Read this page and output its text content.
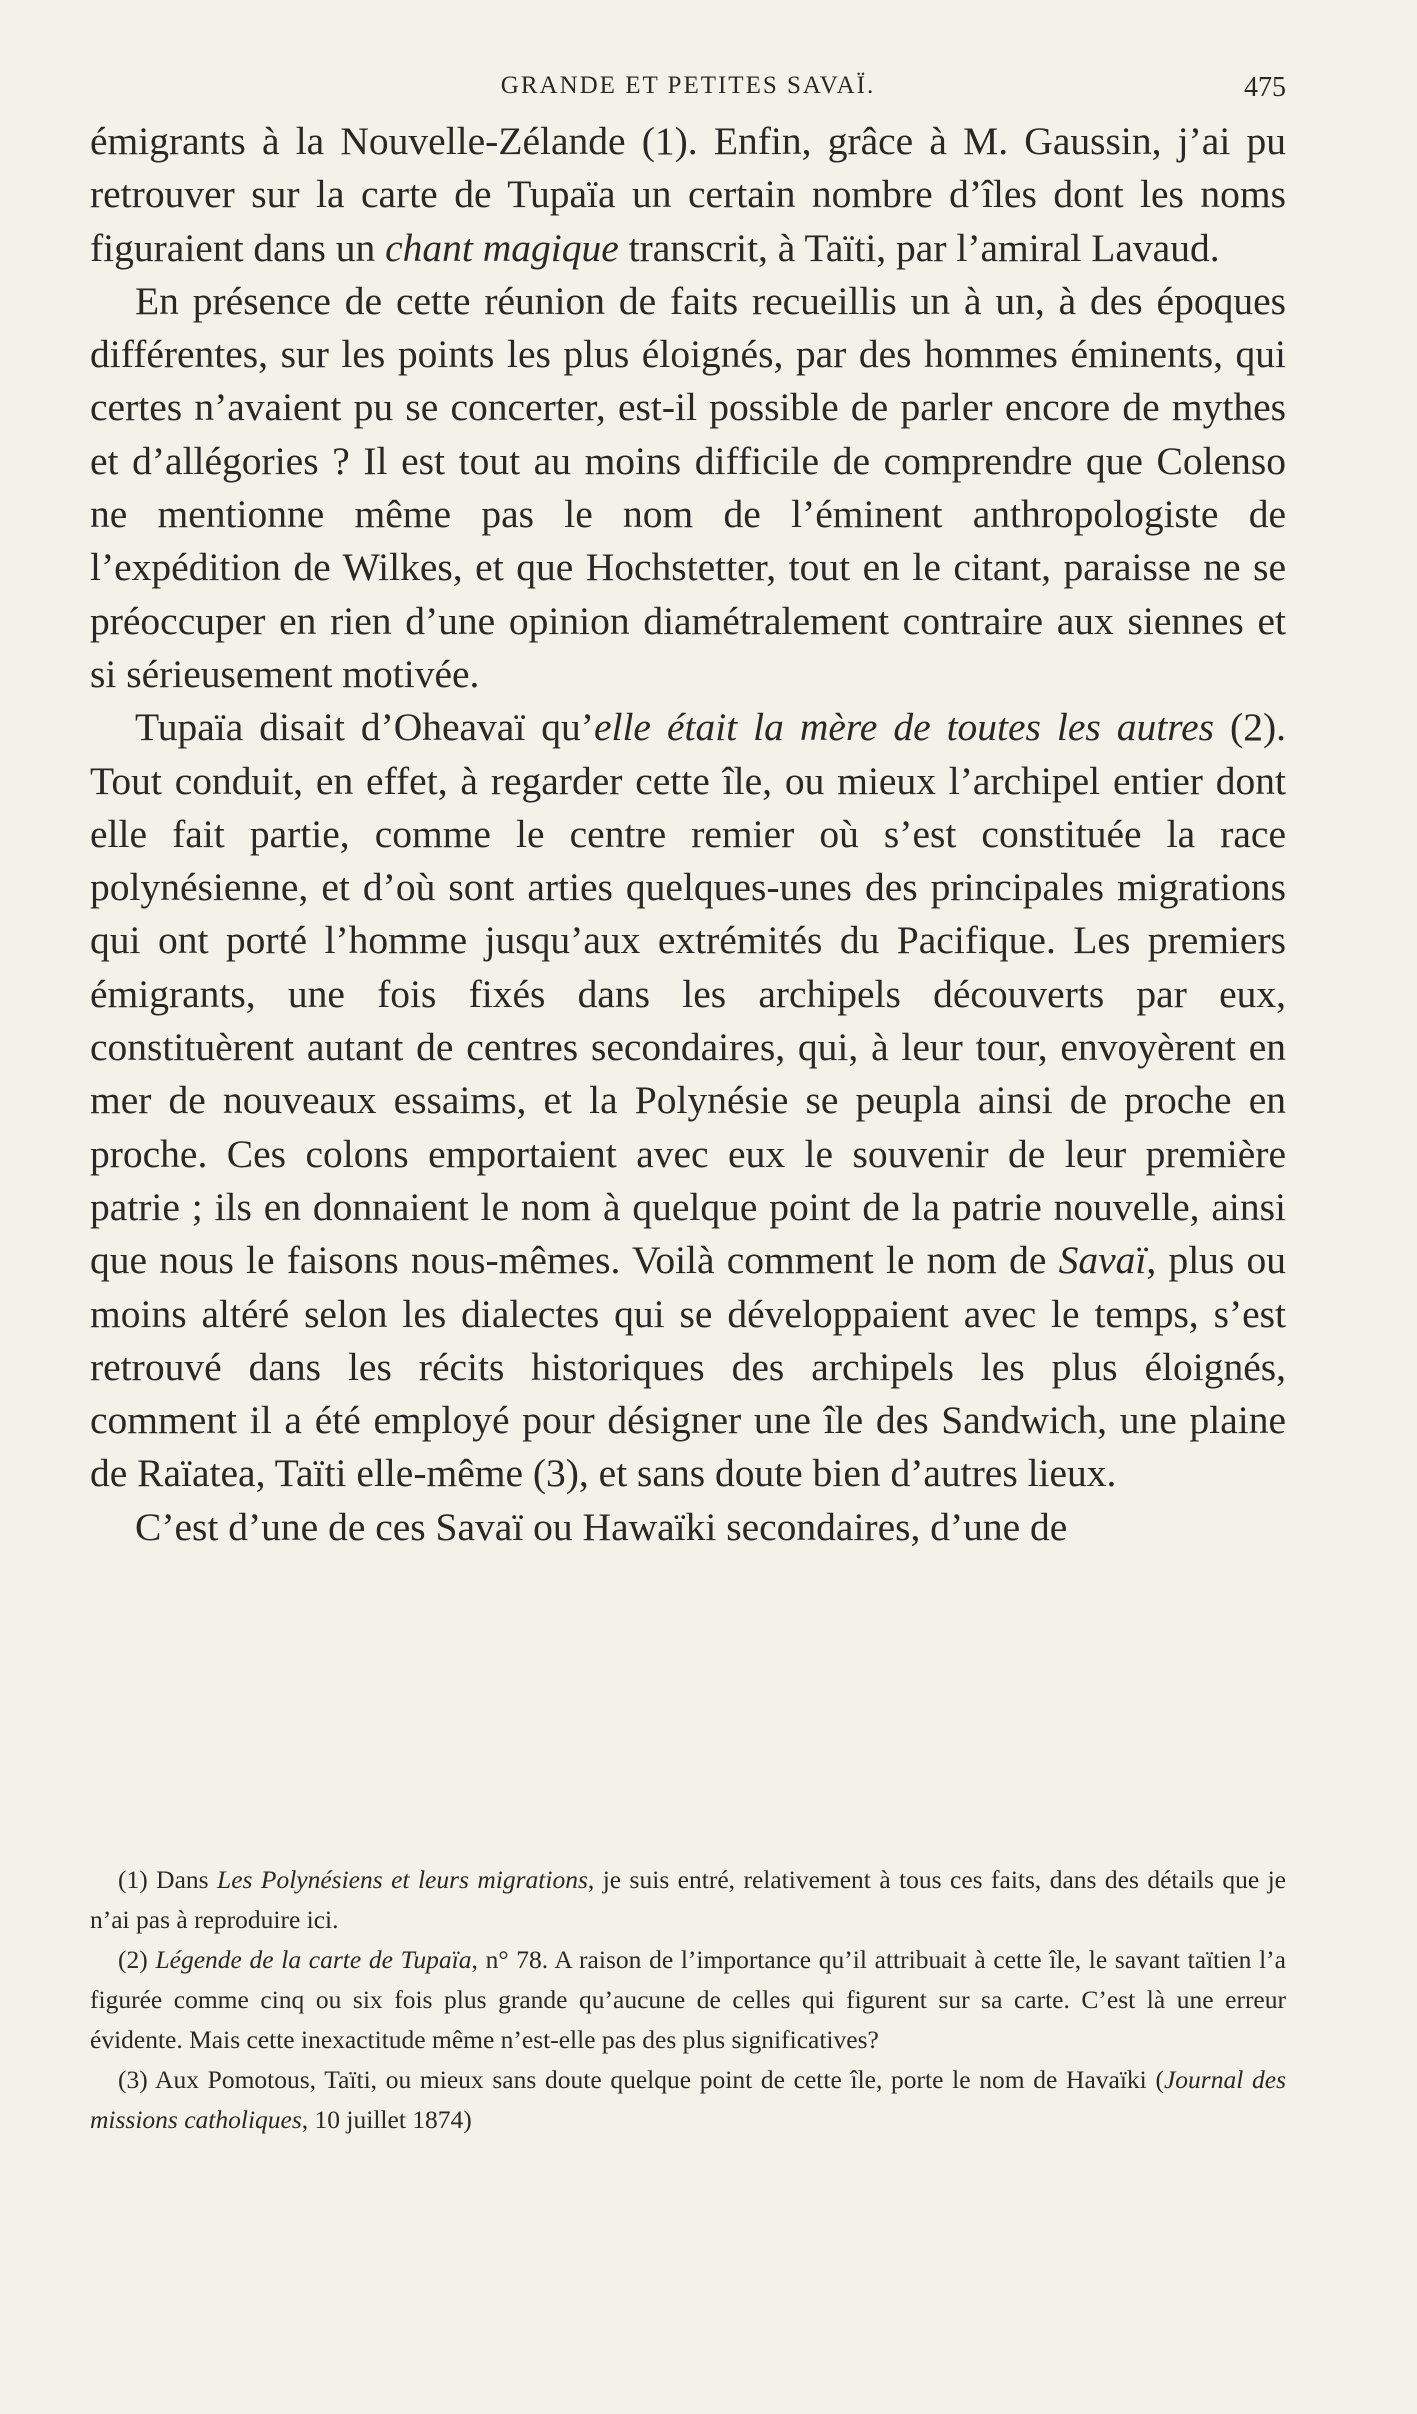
GRANDE ET PETITES SAVAÏ.	475

émigrants à la Nouvelle-Zélande (1). Enfin, grâce à M. Gaussin, j’ai pu retrouver sur la carte de Tupaïa un certain nombre d’îles dont les noms figuraient dans un chant magique transcrit, à Taïti, par l’amiral Lavaud.

En présence de cette réunion de faits recueillis un à un, à des époques différentes, sur les points les plus éloignés, par des hommes éminents, qui certes n’avaient pu se concerter, est-il possible de parler encore de mythes et d’allégories ? Il est tout au moins difficile de comprendre que Colenso ne mentionne même pas le nom de l’éminent anthropologiste de l’expédition de Wilkes, et que Hochstetter, tout en le citant, paraisse ne se préoccuper en rien d’une opinion diamétralement contraire aux siennes et si sérieusement motivée.

Tupaïa disait d’Oheavaï qu’elle était la mère de toutes les autres (2). Tout conduit, en effet, à regarder cette île, ou mieux l’archipel entier dont elle fait partie, comme le centre remier où s’est constituée la race polynésienne, et d’où sont arties quelques-unes des principales migrations qui ont porté l’homme jusqu’aux extrémités du Pacifique. Les premiers émigrants, une fois fixés dans les archipels découverts par eux, constituèrent autant de centres secondaires, qui, à leur tour, envoyèrent en mer de nouveaux essaims, et la Polynésie se peupla ainsi de proche en proche. Ces colons emportaient avec eux le souvenir de leur première patrie ; ils en donnaient le nom à quelque point de la patrie nouvelle, ainsi que nous le faisons nous-mêmes. Voilà comment le nom de Savaï, plus ou moins altéré selon les dialectes qui se développaient avec le temps, s’est retrouvé dans les récits historiques des archipels les plus éloignés, comment il a été employé pour désigner une île des Sandwich, une plaine de Raïatea, Taïti elle-même (3), et sans doute bien d’autres lieux.

C’est d’une de ces Savaï ou Hawaïki secondaires, d’une de

(1) Dans Les Polynésiens et leurs migrations, je suis entré, relativement à tous ces faits, dans des détails que je n’ai pas à reproduire ici.

(2) Légende de la carte de Tupaïa, n° 78. A raison de l’importance qu’il attribuait à cette île, le savant taïtien l’a figurée comme cinq ou six fois plus grande qu’aucune de celles qui figurent sur sa carte. C’est là une erreur évidente. Mais cette inexactitude même n’est-elle pas des plus significatives?

(3) Aux Pomotous, Taïti, ou mieux sans doute quelque point de cette île, porte le nom de Havaïki (Journal des missions catholiques, 10 juillet 1874)
